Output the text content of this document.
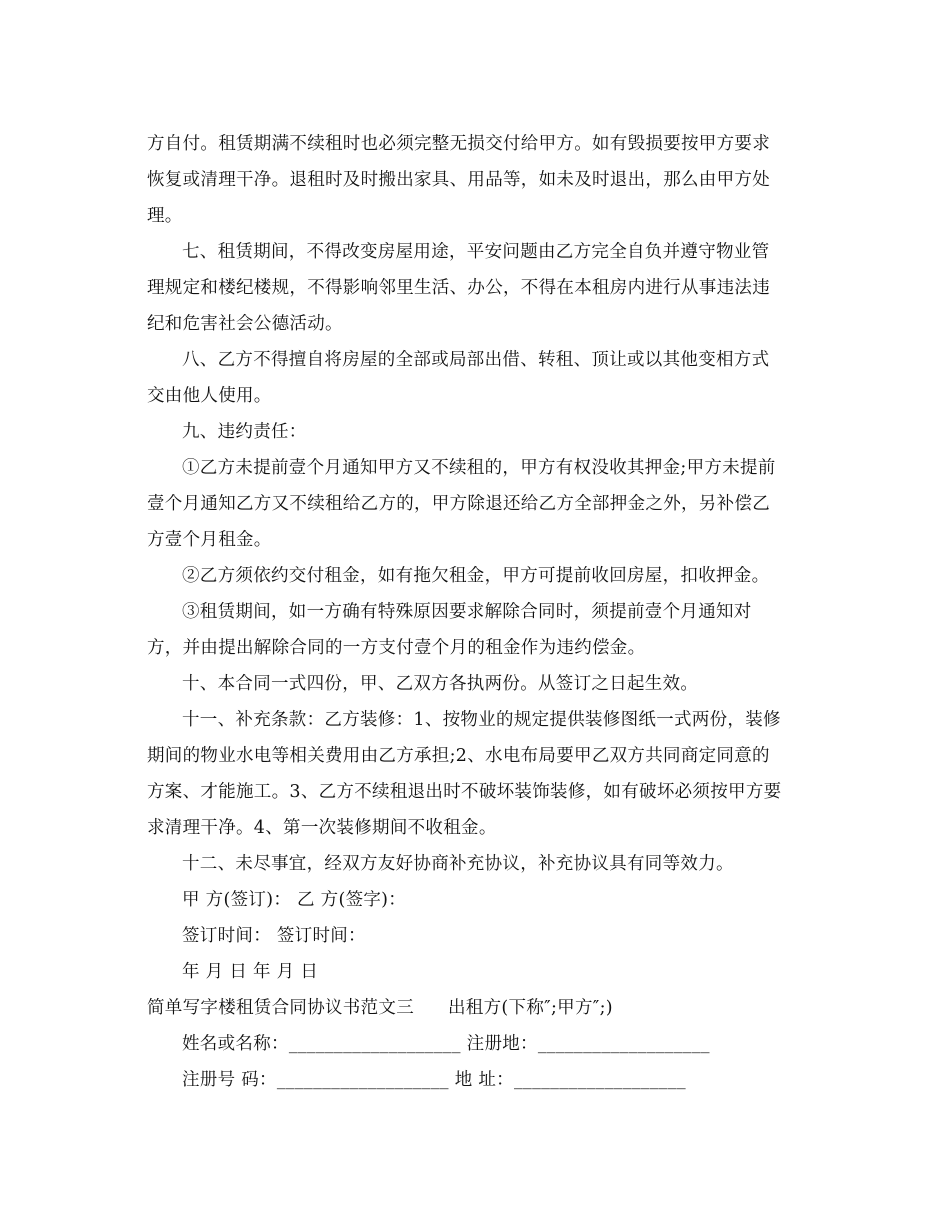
方自付。租赁期满不续租时也必须完整无损交付给甲方。如有毁损要按甲方要求
恢复或清理干净。退租时及时搬出家具、用品等，如未及时退出，那么由甲方处
理。
七、租赁期间，不得改变房屋用途，平安问题由乙方完全自负并遵守物业管
理规定和楼纪楼规，不得影响邻里生活、办公，不得在本租房内进行从事违法违
纪和危害社会公德活动。
八、乙方不得擅自将房屋的全部或局部出借、转租、顶让或以其他变相方式
交由他人使用。
九、违约责任：
①乙方未提前壹个月通知甲方又不续租的，甲方有权没收其押金;甲方未提前
壹个月通知乙方又不续租给乙方的，甲方除退还给乙方全部押金之外，另补偿乙
方壹个月租金。
②乙方须依约交付租金，如有拖欠租金，甲方可提前收回房屋，扣收押金。
③租赁期间，如一方确有特殊原因要求解除合同时，须提前壹个月通知对
方，并由提出解除合同的一方支付壹个月的租金作为违约偿金。
十、本合同一式四份，甲、乙双方各执两份。从签订之日起生效。
十一、补充条款：乙方装修：1、按物业的规定提供装修图纸一式两份，装修
期间的物业水电等相关费用由乙方承担;2、水电布局要甲乙双方共同商定同意的
方案、才能施工。3、乙方不续租退出时不破坏装饰装修，如有破坏必须按甲方要
求清理干净。4、第一次装修期间不收租金。
十二、未尽事宜，经双方友好协商补充协议，补充协议具有同等效力。
甲 方(签订)： 乙 方(签字)：
签订时间： 签订时间：
年 月 日 年 月 日
简单写字楼租赁合同协议书范文三 出租方(下称″;甲方″;)
姓名或名称：___________________ 注册地：___________________
注册号 码：___________________ 地 址：___________________
